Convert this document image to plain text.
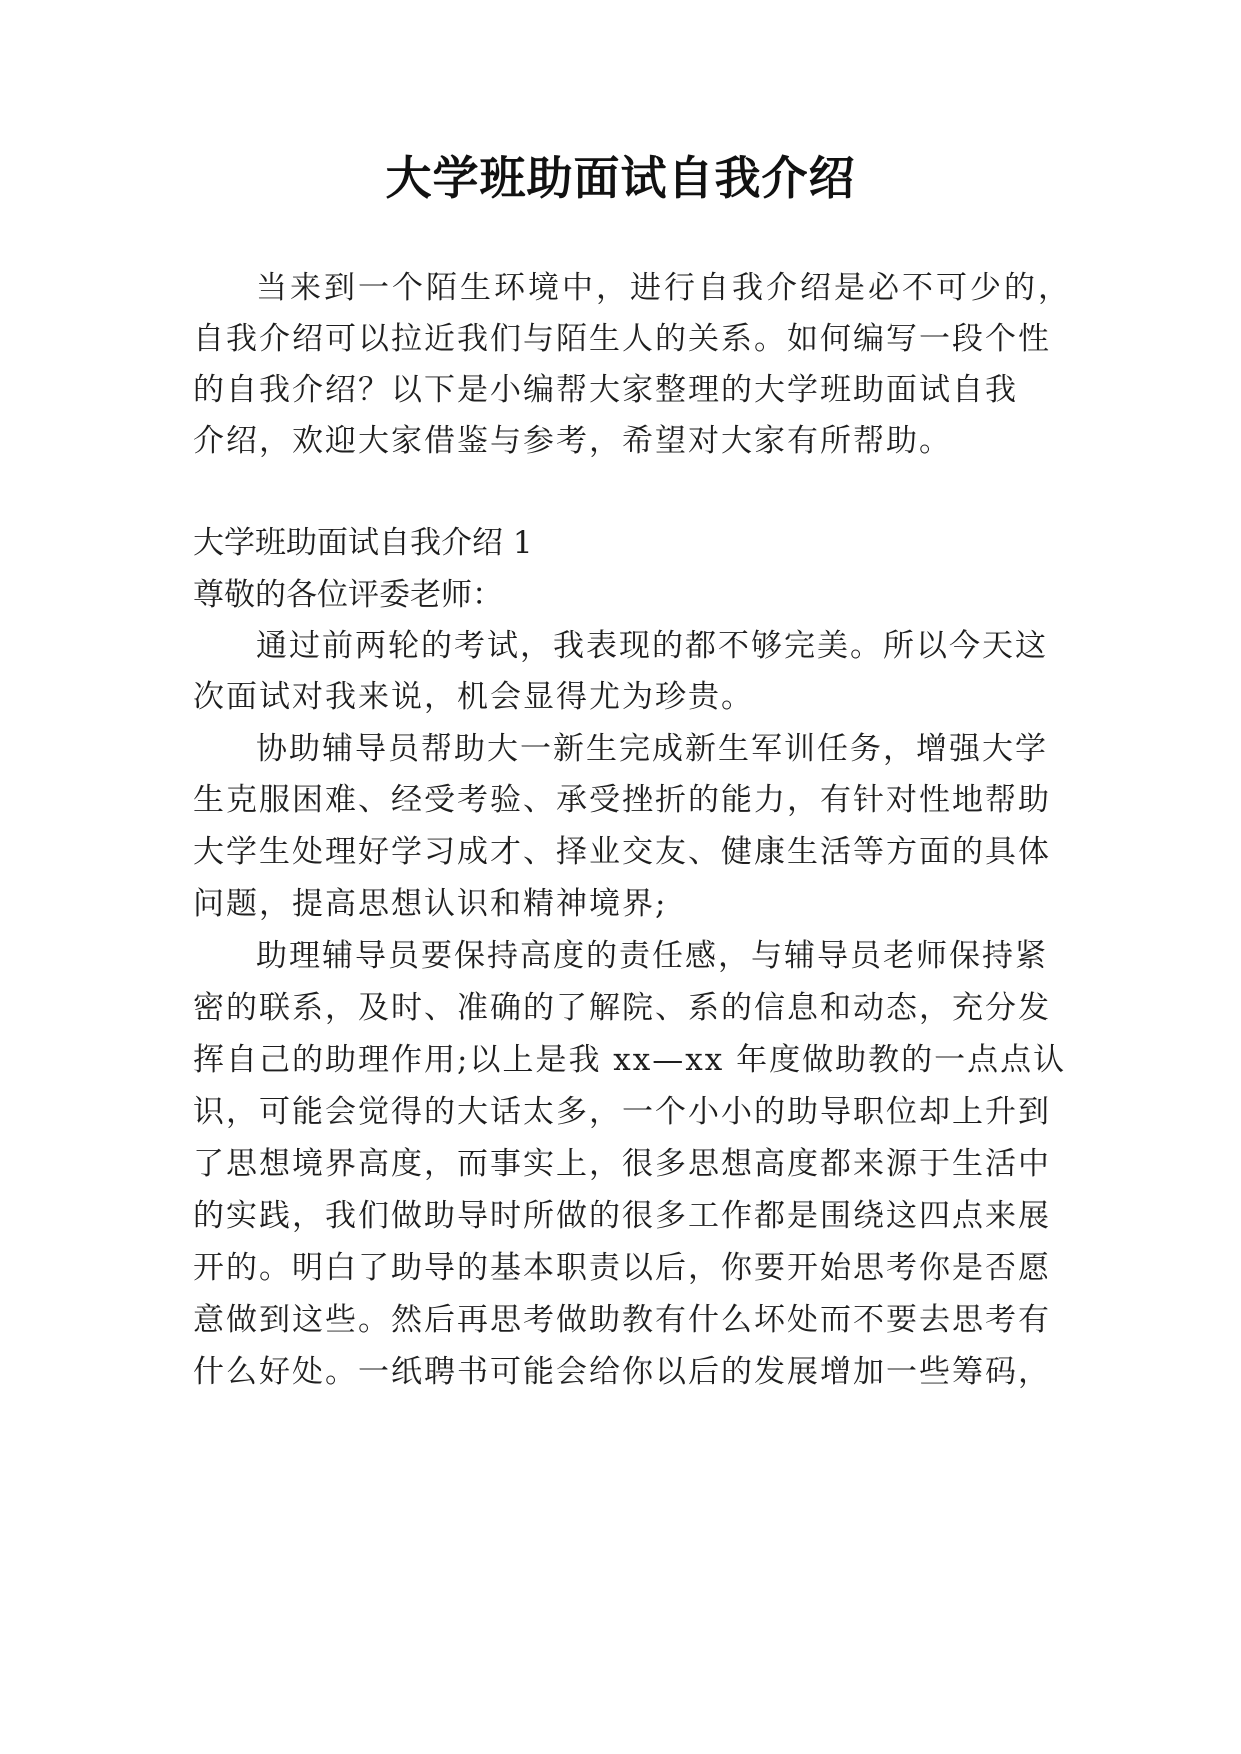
大学班助面试自我介绍
当来到一个陌生环境中，进行自我介绍是必不可少的，
自我介绍可以拉近我们与陌生人的关系。如何编写一段个性
的自我介绍？以下是小编帮大家整理的大学班助面试自我
介绍，欢迎大家借鉴与参考，希望对大家有所帮助。
大学班助面试自我介绍 1
尊敬的各位评委老师：
通过前两轮的考试，我表现的都不够完美。所以今天这
次面试对我来说，机会显得尤为珍贵。
协助辅导员帮助大一新生完成新生军训任务，增强大学
生克服困难、经受考验、承受挫折的能力，有针对性地帮助
大学生处理好学习成才、择业交友、健康生活等方面的具体
问题，提高思想认识和精神境界;
助理辅导员要保持高度的责任感，与辅导员老师保持紧
密的联系，及时、准确的了解院、系的信息和动态，充分发
挥自己的助理作用;以上是我 xx—xx 年度做助教的一点点认
识，可能会觉得的大话太多，一个小小的助导职位却上升到
了思想境界高度，而事实上，很多思想高度都来源于生活中
的实践，我们做助导时所做的很多工作都是围绕这四点来展
开的。明白了助导的基本职责以后，你要开始思考你是否愿
意做到这些。然后再思考做助教有什么坏处而不要去思考有
什么好处。一纸聘书可能会给你以后的发展增加一些筹码，
